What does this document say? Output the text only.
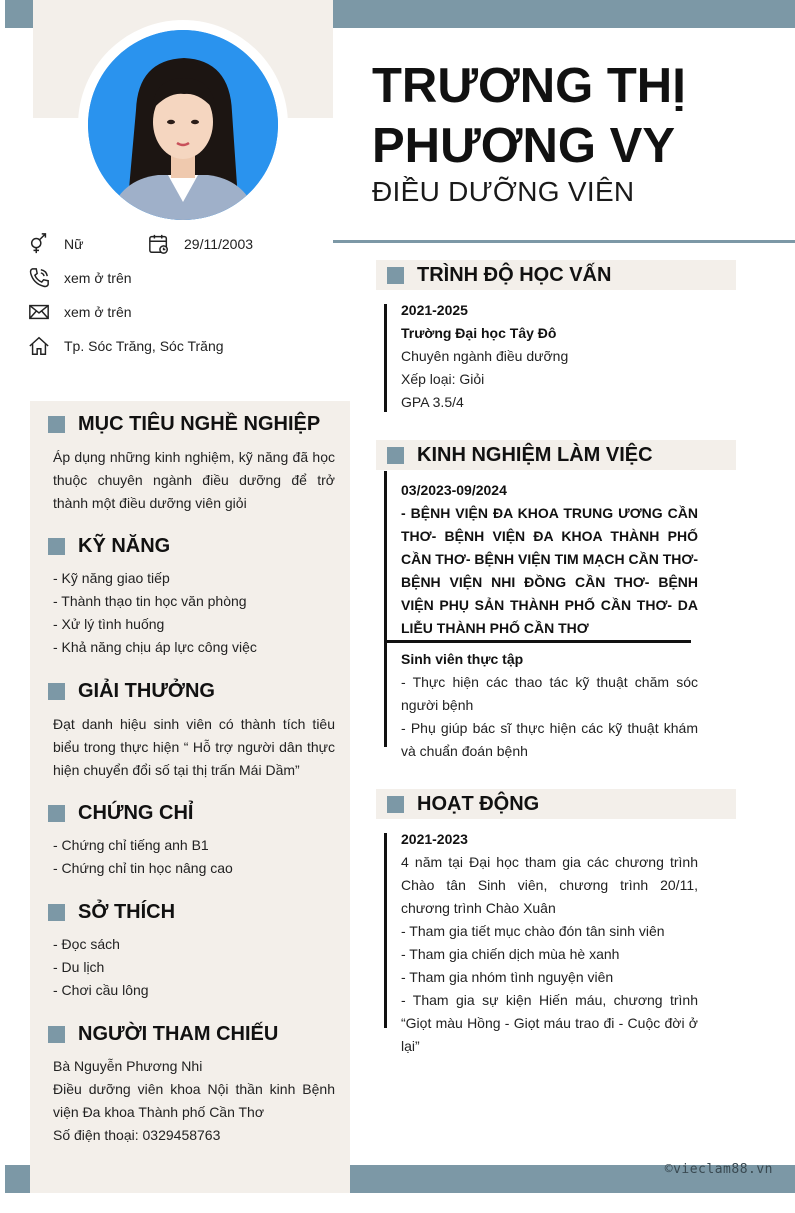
©vieclam88.vn
TRƯƠNG THỊ
PHƯƠNG VY
ĐIỀU DƯỠNG VIÊN
Nữ	29/11/2003
xem ở trên
xem ở trên
Tp. Sóc Trăng, Sóc Trăng
MỤC TIÊU NGHỀ NGHIỆP
Áp dụng những kinh nghiệm, kỹ năng đã học thuộc chuyên ngành điều dưỡng để trở thành một điều dưỡng viên giỏi
KỸ NĂNG
- Kỹ năng giao tiếp
- Thành thạo tin học văn phòng
- Xử lý tình huống
- Khả năng chịu áp lực công việc
GIẢI THƯỞNG
Đạt danh hiệu sinh viên có thành tích tiêu biểu trong thực hiện “ Hỗ trợ người dân thực hiện chuyển đổi số tại thị trấn Mái Dầm”
CHỨNG CHỈ
- Chứng chỉ tiếng anh B1
- Chứng chỉ tin học nâng cao
SỞ THÍCH
- Đọc sách
- Du lịch
- Chơi cầu lông
NGƯỜI THAM CHIẾU
Bà Nguyễn Phương Nhi
Điều dưỡng viên khoa Nội thần kinh Bệnh viện Đa khoa Thành phố Cần Thơ
Số điện thoại: 0329458763
TRÌNH ĐỘ HỌC VẤN
2021-2025
Trường Đại học Tây Đô
Chuyên ngành điều dưỡng
Xếp loại: Giỏi
GPA 3.5/4
KINH NGHIỆM LÀM VIỆC
03/2023-09/2024
- BỆNH VIỆN ĐA KHOA TRUNG ƯƠNG CẦN THƠ- BỆNH VIỆN ĐA KHOA THÀNH PHỐ CẦN THƠ- BỆNH VIỆN TIM MẠCH CẦN THƠ- BỆNH VIỆN NHI ĐỒNG CẦN THƠ- BỆNH VIỆN PHỤ SẢN THÀNH PHỐ CẦN THƠ- DA LIỄU THÀNH PHỐ CẦN THƠ
Sinh viên thực tập
- Thực hiện các thao tác kỹ thuật chăm sóc người bệnh
- Phụ giúp bác sĩ thực hiện các kỹ thuật khám và chuẩn đoán bệnh
HOẠT ĐỘNG
2021-2023
4 năm tại Đại học tham gia các chương trình Chào tân Sinh viên, chương trình 20/11, chương trình Chào Xuân
- Tham gia tiết mục chào đón tân sinh viên
- Tham gia chiến dịch mùa hè xanh
- Tham gia nhóm tình nguyện viên
- Tham gia sự kiện Hiến máu, chương trình “Giọt màu Hồng - Giọt máu trao đi - Cuộc đời ở lại”
